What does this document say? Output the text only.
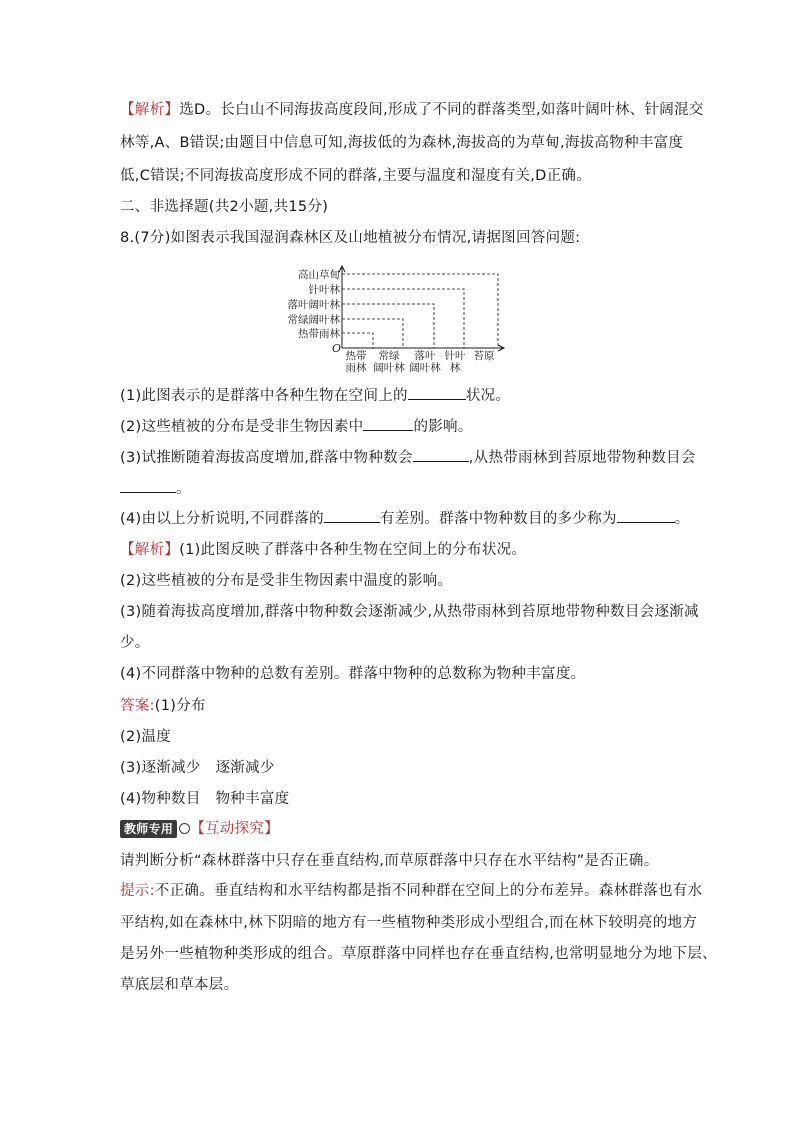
【解析】选D。长白山不同海拔高度段间,形成了不同的群落类型,如落叶阔叶林、针阔混交
林等,A、B错误;由题目中信息可知,海拔低的为森林,海拔高的为草甸,海拔高物种丰富度
低,C错误;不同海拔高度形成不同的群落,主要与温度和湿度有关,D正确。
二、非选择题(共2小题,共15分)
8.(7分)如图表示我国湿润森林区及山地植被分布情况,请据图回答问题:
高山草甸
针叶林
落叶阔叶林
常绿阔叶林
热带雨林
O
热带
雨林
常绿
阔叶林
落叶
阔叶林
针叶
林
苔原
(1)此图表示的是群落中各种生物在空间上的	状况。
(2)这些植被的分布是受非生物因素中	的影响。
(3)试推断随着海拔高度增加,群落中物种数会	,从热带雨林到苔原地带物种数目会
。
(4)由以上分析说明,不同群落的	有差别。群落中物种数目的多少称为	。
【解析】(1)此图反映了群落中各种生物在空间上的分布状况。
(2)这些植被的分布是受非生物因素中温度的影响。
(3)随着海拔高度增加,群落中物种数会逐渐减少,从热带雨林到苔原地带物种数目会逐渐减
少。
(4)不同群落中物种的总数有差别。群落中物种的总数称为物种丰富度。
答案:(1)分布
(2)温度
(3)逐渐减少　逐渐减少
(4)物种数目　物种丰富度
教师专用 【互动探究】
请判断分析“森林群落中只存在垂直结构,而草原群落中只存在水平结构”是否正确。
提示:不正确。垂直结构和水平结构都是指不同种群在空间上的分布差异。森林群落也有水
平结构,如在森林中,林下阴暗的地方有一些植物种类形成小型组合,而在林下较明亮的地方
是另外一些植物种类形成的组合。草原群落中同样也存在垂直结构,也常明显地分为地下层、
草底层和草本层。
